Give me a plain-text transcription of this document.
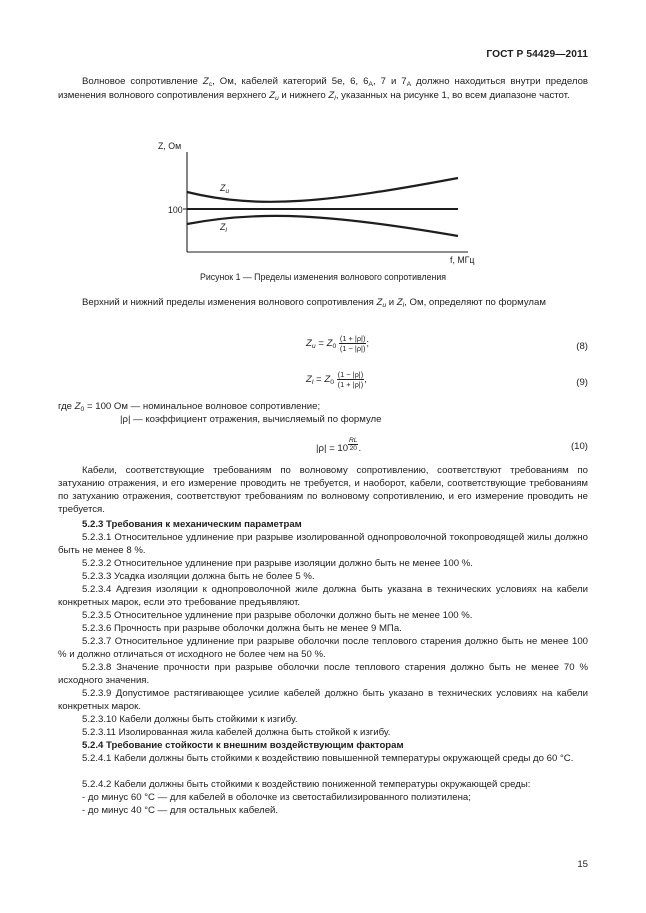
ГОСТ Р 54429—2011
Волновое сопротивление $Z_c$, Ом, кабелей категорий 5е, 6, $6_A$, 7 и $7_A$ должно находиться внутри пределов изменения волнового сопротивления верхнего $Z_u$ и нижнего $Z_l$, указанных на рисунке 1, во всем диапазоне частот.
Z, Ом
100
f, МГц
$Z_u$
$Z_l$
Рисунок 1 — Пределы изменения волнового сопротивления
Верхний и нижний пределы изменения волнового сопротивления $Z_u$ и $Z_l$, Ом, определяют по формулам
$Z_u = Z_0 \frac{(1 + |\rho|)}{(1 - |\rho|)}$ ;	(8)
$Z_l = Z_0 \frac{(1 - |\rho|)}{(1 + |\rho|)}$ ,	(9)
где $Z_0 = 100$ Ом — номинальное волновое сопротивление;
|ρ| — коэффициент отражения, вычисляемый по формуле
$|\rho| = 10 \frac{RL}{20}$ .	(10)
Кабели, соответствующие требованиям по волновому сопротивлению, соответствуют требованиям по затуханию отражения, и его измерение проводить не требуется, и наоборот, кабели, соответствующие требованиям по затуханию отражения, соответствуют требованиям по волновому сопротивлению, и его измерение проводить не требуется.
5.2.3 Требования к механическим параметрам
5.2.3.1 Относительное удлинение при разрыве изолированной однопроволочной токопроводящей жилы должно быть не менее 8 %.
5.2.3.2 Относительное удлинение при разрыве изоляции должно быть не менее 100 %.
5.2.3.3 Усадка изоляции должна быть не более 5 %.
5.2.3.4 Адгезия изоляции к однопроволочной жиле должна быть указана в технических условиях на кабели конкретных марок, если это требование предъявляют.
5.2.3.5 Относительное удлинение при разрыве оболочки должно быть не менее 100 %.
5.2.3.6 Прочность при разрыве оболочки должна быть не менее 9 МПа.
5.2.3.7 Относительное удлинение при разрыве оболочки после теплового старения должно быть не менее 100 % и должно отличаться от исходного не более чем на 50 %.
5.2.3.8 Значение прочности при разрыве оболочки после теплового старения должно быть не менее 70 % исходного значения.
5.2.3.9 Допустимое растягивающее усилие кабелей должно быть указано в технических условиях на кабели конкретных марок.
5.2.3.10 Кабели должны быть стойкими к изгибу.
5.2.3.11 Изолированная жила кабелей должна быть стойкой к изгибу.
5.2.4 Требование стойкости к внешним воздействующим факторам
5.2.4.1 Кабели должны быть стойкими к воздействию повышенной температуры окружающей среды до 60 °С.
5.2.4.2 Кабели должны быть стойкими к воздействию пониженной температуры окружающей среды:
- до минус 60 °С — для кабелей в оболочке из светостабилизированного полиэтилена;
- до минус 40 °С — для остальных кабелей.
15
